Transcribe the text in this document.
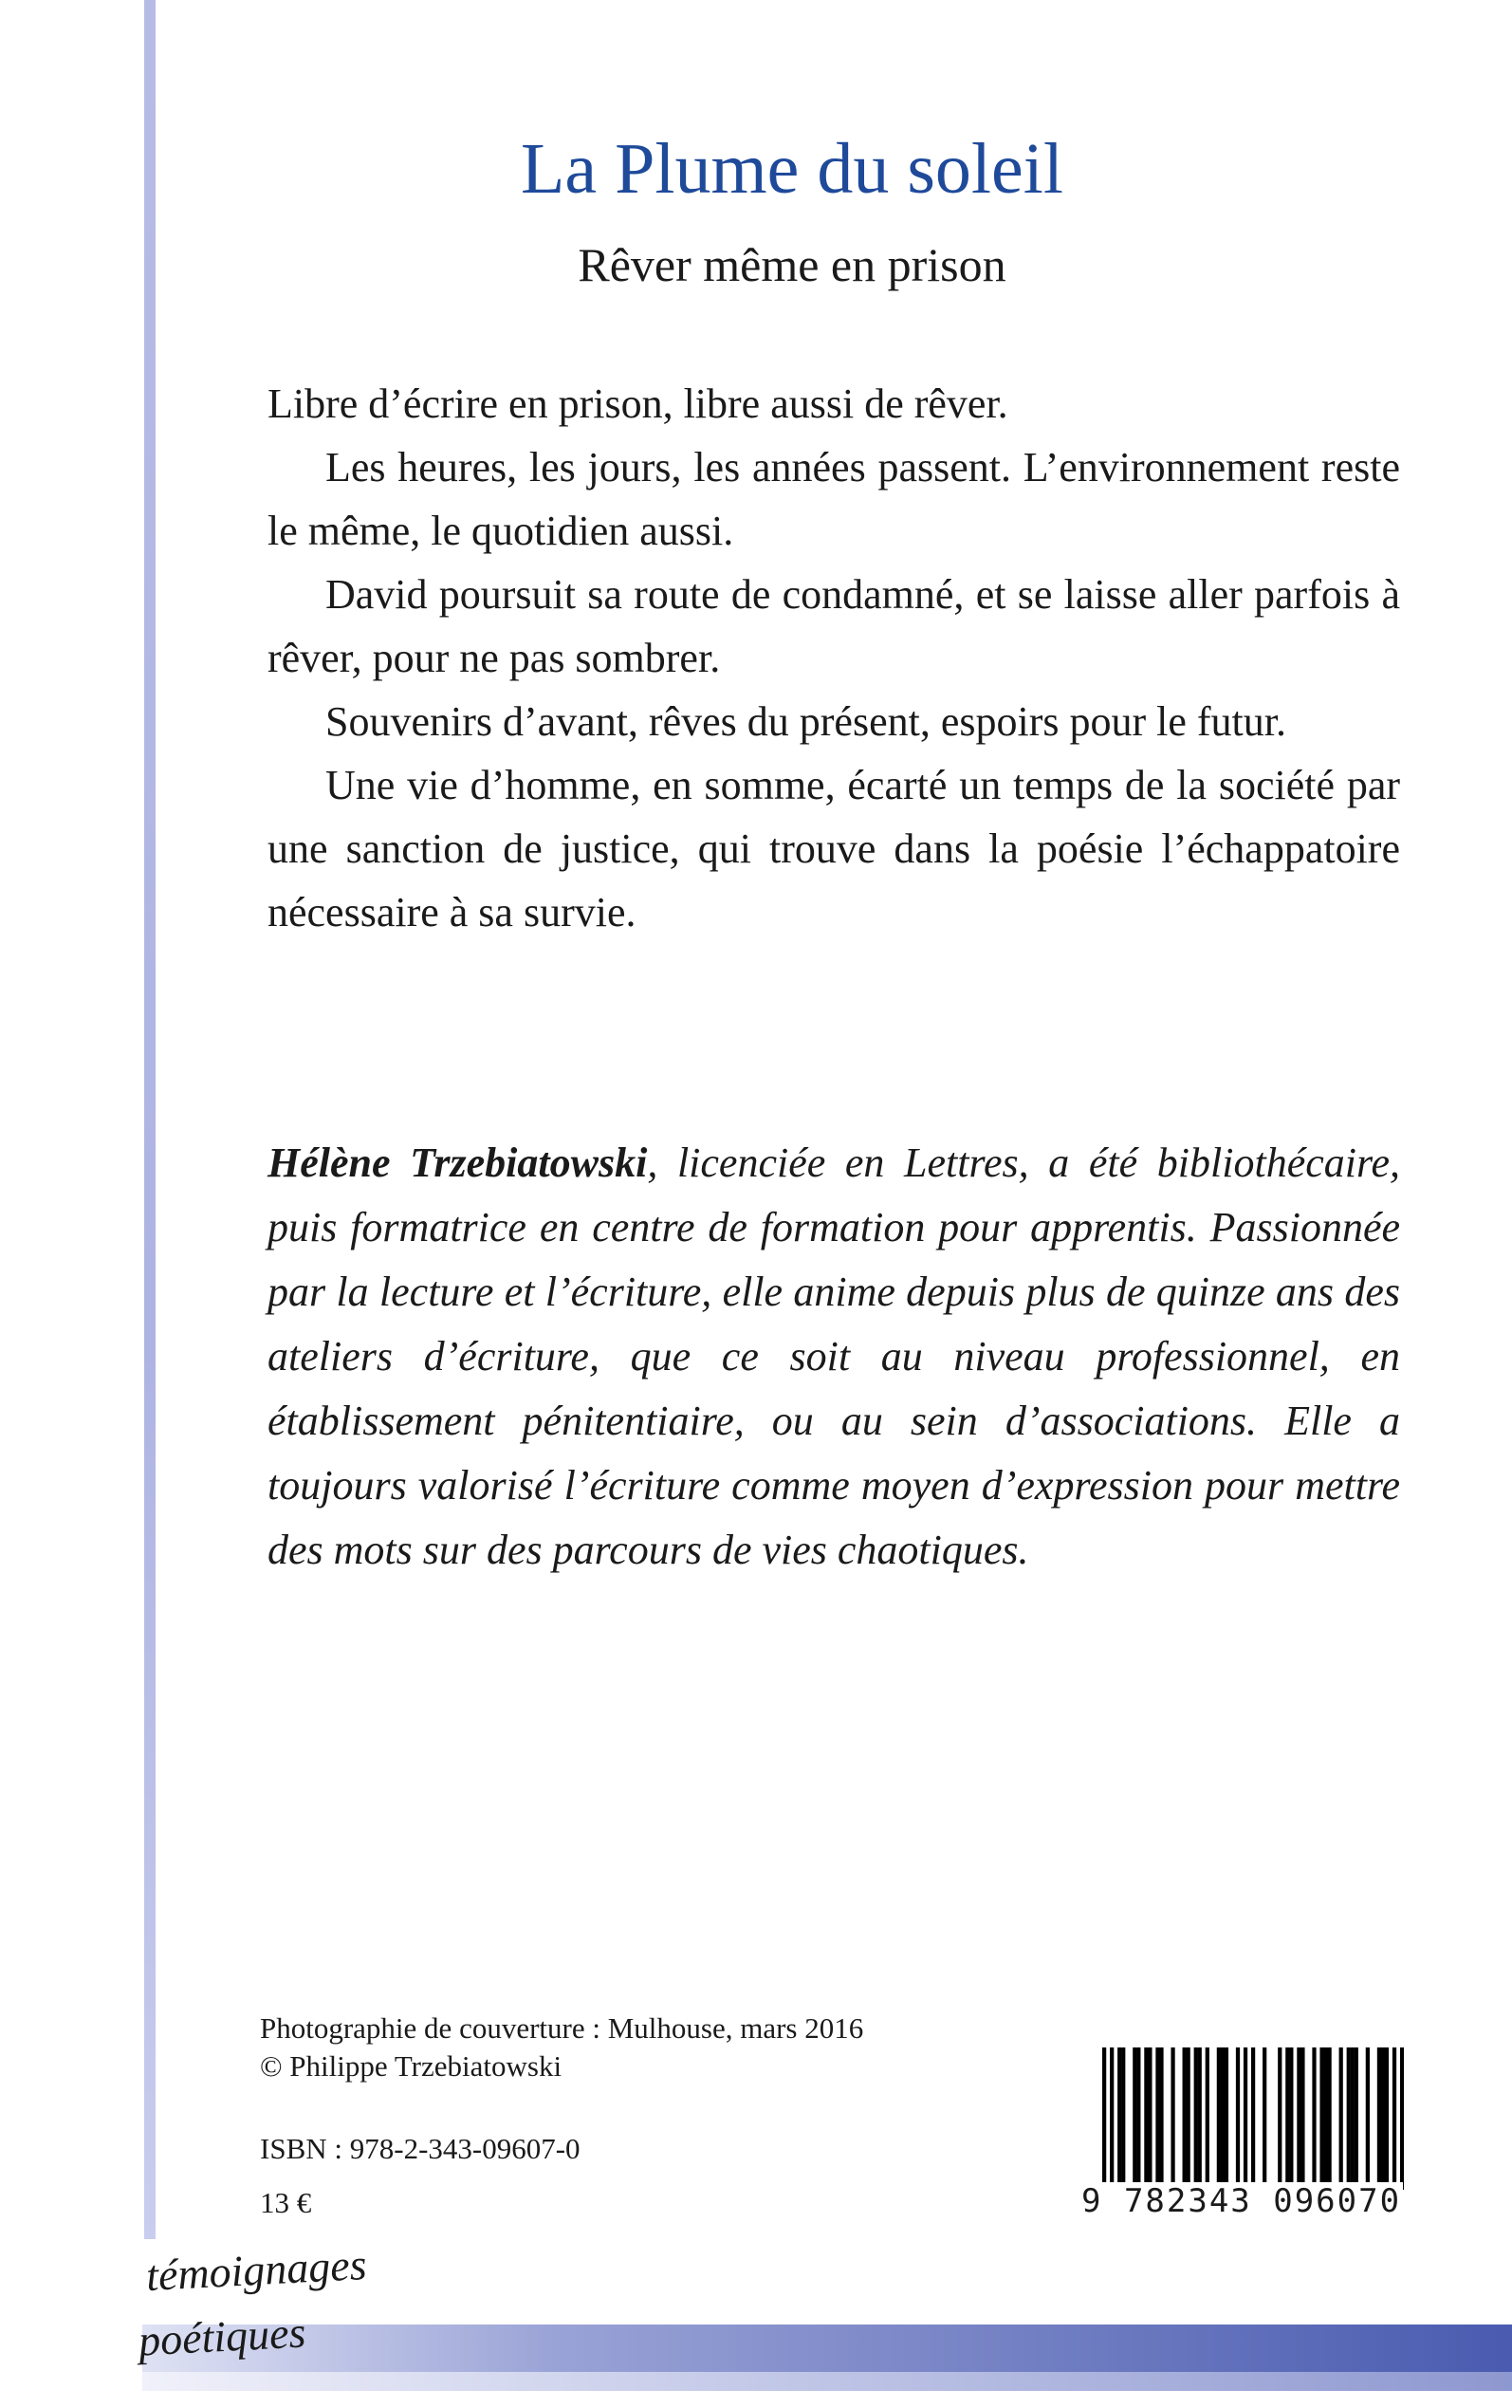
La Plume du soleil
Rêver même en prison

Libre d’écrire en prison, libre aussi de rêver.

Les heures, les jours, les années passent. L’environnement reste le même, le quotidien aussi.

David poursuit sa route de condamné, et se laisse aller parfois à rêver, pour ne pas sombrer.

Souvenirs d’avant, rêves du présent, espoirs pour le futur.

Une vie d’homme, en somme, écarté un temps de la société par une sanction de justice, qui trouve dans la poésie l’échappatoire nécessaire à sa survie.

Hélène Trzebiatowski, licenciée en Lettres, a été bibliothécaire, puis formatrice en centre de formation pour apprentis. Passionnée par la lecture et l’écriture, elle anime depuis plus de quinze ans des ateliers d’écriture, que ce soit au niveau professionnel, en établissement pénitentiaire, ou au sein d’associations. Elle a toujours valorisé l’écriture comme moyen d’expression pour mettre des mots sur des parcours de vies chaotiques.

Photographie de couverture : Mulhouse, mars 2016
© Philippe Trzebiatowski
ISBN : 978-2-343-09607-0
13 €	9 782343 096070
témoignages
poétiques
